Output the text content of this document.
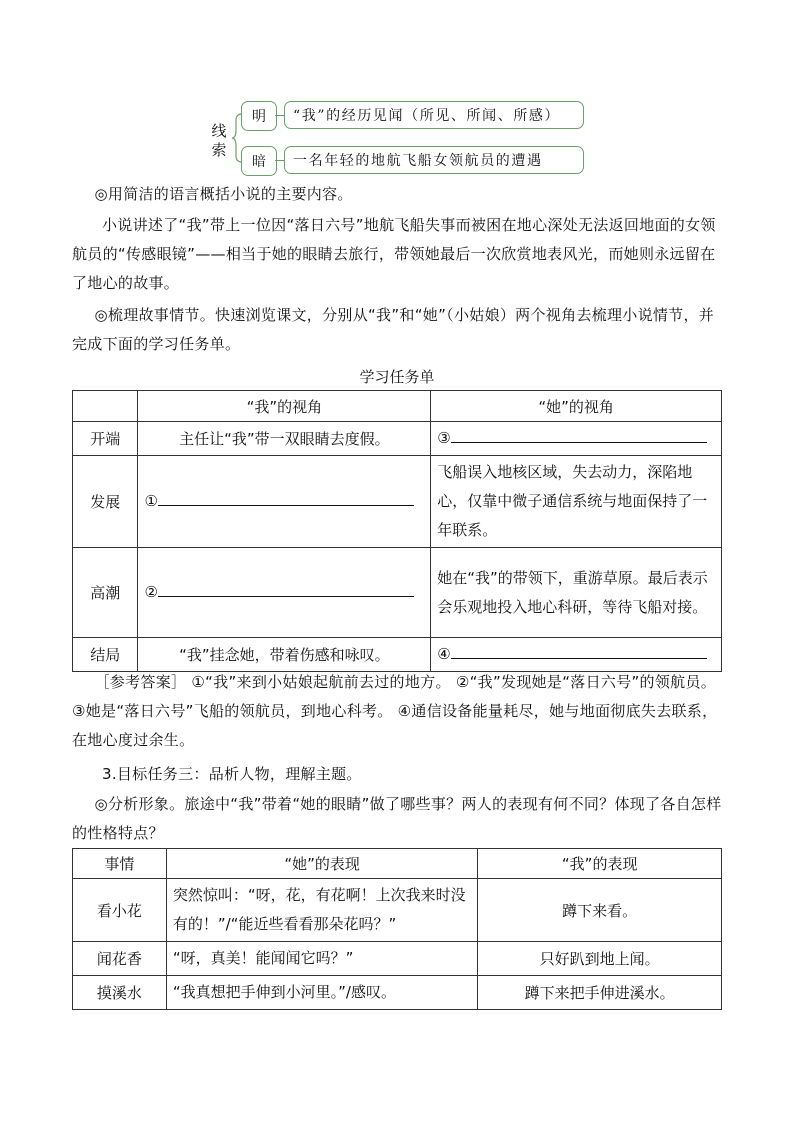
线索
明	“我”的经历见闻（所见、所闻、所感）
暗	一名年轻的地航飞船女领航员的遭遇
◎用简洁的语言概括小说的主要内容。
小说讲述了“我”带上一位因“落日六号”地航飞船失事而被困在地心深处无法返回地面的女领航员的“传感眼镜”——相当于她的眼睛去旅行，带领她最后一次欣赏地表风光，而她则永远留在了地心的故事。
◎梳理故事情节。快速浏览课文，分别从“我”和“她”（小姑娘）两个视角去梳理小说情节，并完成下面的学习任务单。
学习任务单
	“我”的视角	“她”的视角
开端	主任让“我”带一双眼睛去度假。	③
发展	①	飞船误入地核区域，失去动力，深陷地心，仅靠中微子通信系统与地面保持了一年联系。
高潮	②	她在“我”的带领下，重游草原。最后表示会乐观地投入地心科研，等待飞船对接。
结局	“我”挂念她，带着伤感和咏叹。	④
［参考答案］ ①“我”来到小姑娘起航前去过的地方。 ②“我”发现她是“落日六号”的领航员。 ③她是“落日六号”飞船的领航员，到地心科考。 ④通信设备能量耗尽，她与地面彻底失去联系，在地心度过余生。
3.目标任务三：品析人物，理解主题。
◎分析形象。旅途中“我”带着“她的眼睛”做了哪些事？两人的表现有何不同？体现了各自怎样的性格特点？
事情	“她”的表现	“我”的表现
看小花	突然惊叫：“呀，花，有花啊！上次我来时没有的！”/“能近些看看那朵花吗？”	蹲下来看。
闻花香	“呀，真美！能闻闻它吗？”	只好趴到地上闻。
摸溪水	“我真想把手伸到小河里。”/感叹。	蹲下来把手伸进溪水。
